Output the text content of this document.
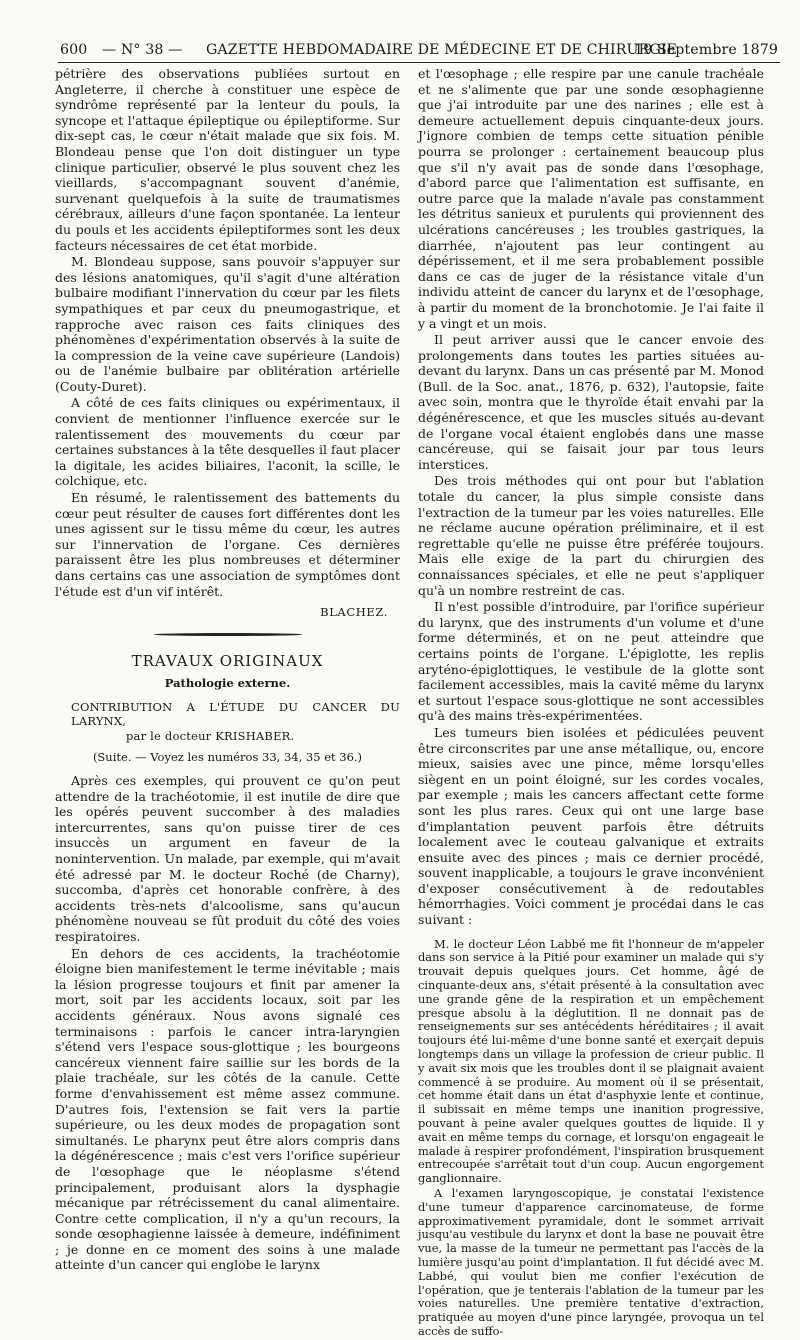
600 — N° 38 — GAZETTE HEBDOMADAIRE DE MÉDECINE ET DE CHIRURGIE
19 Septembre 1879

pétrière des observations publiées surtout en Angleterre, il cherche à constituer une espèce de syndrôme représenté par la lenteur du pouls, la syncope et l'attaque épileptique ou épileptiforme. Sur dix-sept cas, le cœur n'était malade que six fois. M. Blondeau pense que l'on doit distinguer un type clinique particulier, observé le plus souvent chez les vieillards, s'accompagnant souvent d'anémie, survenant quelquefois à la suite de traumatismes cérébraux, ailleurs d'une façon spontanée. La lenteur du pouls et les accidents épileptiformes sont les deux facteurs nécessaires de cet état morbide.

M. Blondeau suppose, sans pouvoir s'appuyer sur des lésions anatomiques, qu'il s'agit d'une altération bulbaire modifiant l'innervation du cœur par les filets sympathiques et par ceux du pneumogastrique, et rapproche avec raison ces faits cliniques des phénomènes d'expérimentation observés à la suite de la compression de la veine cave supérieure (Landois) ou de l'anémie bulbaire par oblitération artérielle (Couty-Duret).

A côté de ces faits cliniques ou expérimentaux, il convient de mentionner l'influence exercée sur le ralentissement des mouvements du cœur par certaines substances à la tête desquelles il faut placer la digitale, les acides biliaires, l'aconit, la scille, le colchique, etc.

En résumé, le ralentissement des battements du cœur peut résulter de causes fort différentes dont les unes agissent sur le tissu même du cœur, les autres sur l'innervation de l'organe. Ces dernières paraissent être les plus nombreuses et déterminer dans certains cas une association de symptômes dont l'étude est d'un vif intérêt.

BLACHEZ.
TRAVAUX ORIGINAUX
Pathologie externe.
CONTRIBUTION A L'ÉTUDE DU CANCER DU LARYNX,
par le docteur KRISHABER.
(Suite. — Voyez les numéros 33, 34, 35 et 36.)

Après ces exemples, qui prouvent ce qu'on peut attendre de la trachéotomie, il est inutile de dire que les opérés peuvent succomber à des maladies intercurrentes, sans qu'on puisse tirer de ces insuccès un argument en faveur de la nonintervention. Un malade, par exemple, qui m'avait été adressé par M. le docteur Roché (de Charny), succomba, d'après cet honorable confrère, à des accidents très-nets d'alcoolisme, sans qu'aucun phénomène nouveau se fût produit du côté des voies respiratoires.

En dehors de ces accidents, la trachéotomie éloigne bien manifestement le terme inévitable ; mais la lésion progresse toujours et finit par amener la mort, soit par les accidents locaux, soit par les accidents généraux. Nous avons signalé ces terminaisons : parfois le cancer intra-laryngien s'étend vers l'espace sous-glottique ; les bourgeons cancéreux viennent faire saillie sur les bords de la plaie trachéale, sur les côtés de la canule. Cette forme d'envahissement est même assez commune. D'autres fois, l'extension se fait vers la partie supérieure, ou les deux modes de propagation sont simultanés. Le pharynx peut être alors compris dans la dégénérescence ; mais c'est vers l'orifice supérieur de l'œsophage que le néoplasme s'étend principalement, produisant alors la dysphagie mécanique par rétrécissement du canal alimentaire. Contre cette complication, il n'y a qu'un recours, la sonde œsophagienne laissée à demeure, indéfiniment ; je donne en ce moment des soins à une malade atteinte d'un cancer qui englobe le larynx

et l'œsophage ; elle respire par une canule trachéale et ne s'alimente que par une sonde œsophagienne que j'ai introduite par une des narines ; elle est à demeure actuellement depuis cinquante-deux jours. J'ignore combien de temps cette situation pénible pourra se prolonger : certainement beaucoup plus que s'il n'y avait pas de sonde dans l'œsophage, d'abord parce que l'alimentation est suffisante, en outre parce que la malade n'avale pas constamment les détritus sanieux et purulents qui proviennent des ulcérations cancéreuses ; les troubles gastriques, la diarrhée, n'ajoutent pas leur contingent au dépérissement, et il me sera probablement possible dans ce cas de juger de la résistance vitale d'un individu atteint de cancer du larynx et de l'œsophage, à partir du moment de la bronchotomie. Je l'ai faite il y a vingt et un mois.

Il peut arriver aussi que le cancer envoie des prolongements dans toutes les parties situées au-devant du larynx. Dans un cas présenté par M. Monod (Bull. de la Soc. anat., 1876, p. 632), l'autopsie, faite avec soin, montra que le thyroïde était envahi par la dégénérescence, et que les muscles situés au-devant de l'organe vocal étaient englobés dans une masse cancéreuse, qui se faisait jour par tous leurs interstices.

Des trois méthodes qui ont pour but l'ablation totale du cancer, la plus simple consiste dans l'extraction de la tumeur par les voies naturelles. Elle ne réclame aucune opération préliminaire, et il est regrettable qu'elle ne puisse être préférée toujours. Mais elle exige de la part du chirurgien des connaissances spéciales, et elle ne peut s'appliquer qu'à un nombre restreint de cas.

Il n'est possible d'introduire, par l'orifice supérieur du larynx, que des instruments d'un volume et d'une forme déterminés, et on ne peut atteindre que certains points de l'organe. L'épiglotte, les replis aryténo-épiglottiques, le vestibule de la glotte sont facilement accessibles, mais la cavité même du larynx et surtout l'espace sous-glottique ne sont accessibles qu'à des mains très-expérimentées.

Les tumeurs bien isolées et pédiculées peuvent être circonscrites par une anse métallique, ou, encore mieux, saisies avec une pince, même lorsqu'elles siègent en un point éloigné, sur les cordes vocales, par exemple ; mais les cancers affectant cette forme sont les plus rares. Ceux qui ont une large base d'implantation peuvent parfois être détruits localement avec le couteau galvanique et extraits ensuite avec des pinces ; mais ce dernier procédé, souvent inapplicable, a toujours le grave inconvénient d'exposer consécutivement à de redoutables hémorrhagies. Voici comment je procédai dans le cas suivant :

M. le docteur Léon Labbé me fit l'honneur de m'appeler dans son service à la Pitié pour examiner un malade qui s'y trouvait depuis quelques jours. Cet homme, âgé de cinquante-deux ans, s'était présenté à la consultation avec une grande gêne de la respiration et un empêchement presque absolu à la déglutition. Il ne donnait pas de renseignements sur ses antécédents héréditaires ; il avait toujours été lui-même d'une bonne santé et exerçait depuis longtemps dans un village la profession de crieur public. Il y avait six mois que les troubles dont il se plaignait avaient commencé à se produire. Au moment où il se présentait, cet homme était dans un état d'asphyxie lente et continue, il subissait en même temps une inanition progressive, pouvant à peine avaler quelques gouttes de liquide. Il y avait en même temps du cornage, et lorsqu'on engageait le malade à respirer profondément, l'inspiration brusquement entrecoupée s'arrêtait tout d'un coup. Aucun engorgement ganglionnaire.

A l'examen laryngoscopique, je constatai l'existence d'une tumeur d'apparence carcinomateuse, de forme approximativement pyramidale, dont le sommet arrivait jusqu'au vestibule du larynx et dont la base ne pouvait être vue, la masse de la tumeur ne permettant pas l'accès de la lumière jusqu'au point d'implantation. Il fut décidé avec M. Labbé, qui voulut bien me confier l'exécution de l'opération, que je tenterais l'ablation de la tumeur par les voies naturelles. Une première tentative d'extraction, pratiquée au moyen d'une pince laryngée, provoqua un tel accès de suffo-
